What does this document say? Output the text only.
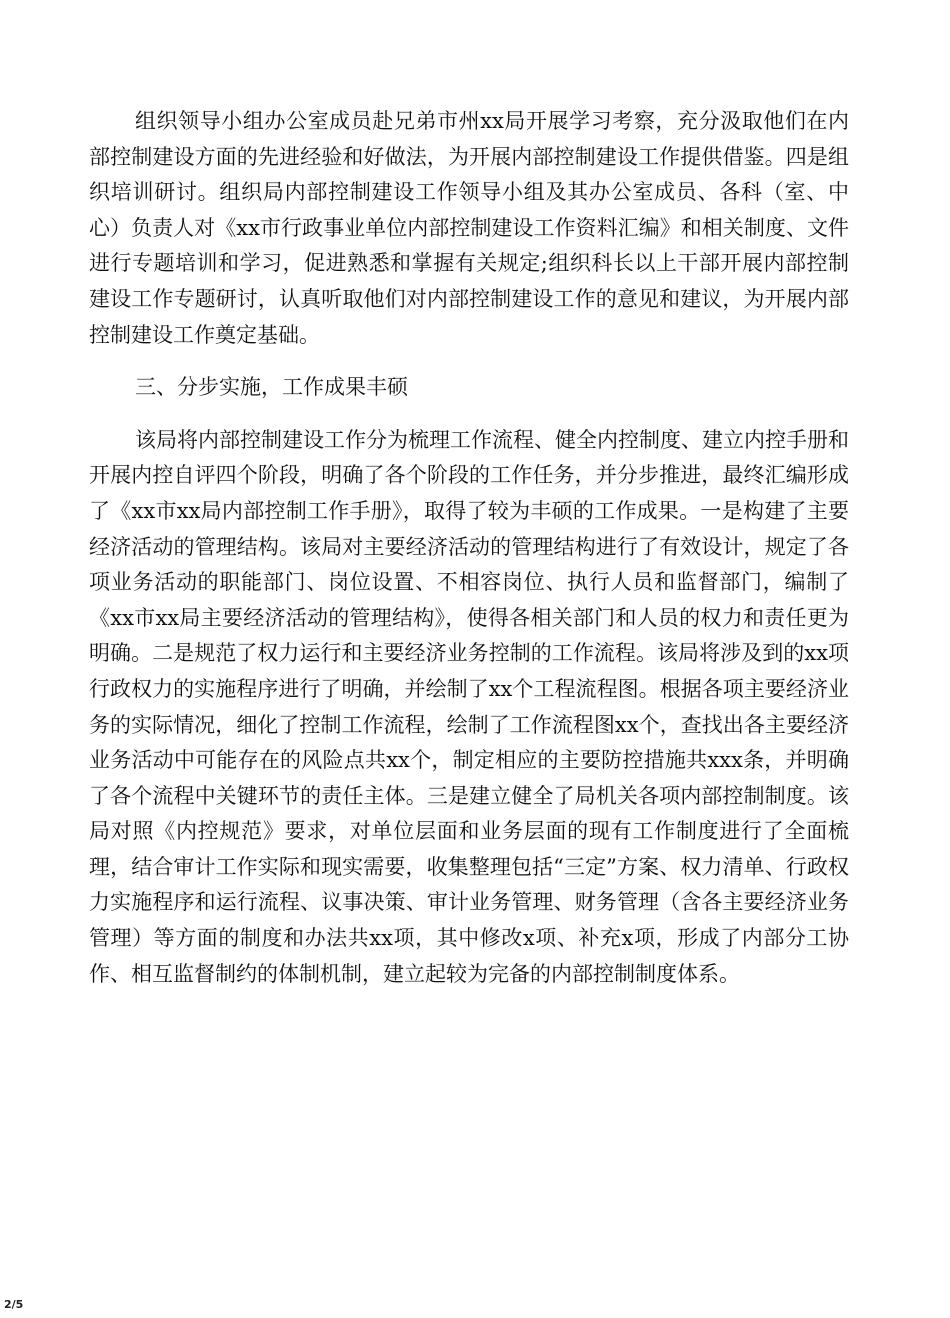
组织领导小组办公室成员赴兄弟市州xx局开展学习考察，充分汲取他们在内部控制建设方面的先进经验和好做法，为开展内部控制建设工作提供借鉴。四是组织培训研讨。组织局内部控制建设工作领导小组及其办公室成员、各科（室、中心）负责人对《xx市行政事业单位内部控制建设工作资料汇编》和相关制度、文件进行专题培训和学习，促进熟悉和掌握有关规定;组织科长以上干部开展内部控制建设工作专题研讨，认真听取他们对内部控制建设工作的意见和建议，为开展内部控制建设工作奠定基础。

三、分步实施，工作成果丰硕

该局将内部控制建设工作分为梳理工作流程、健全内控制度、建立内控手册和开展内控自评四个阶段，明确了各个阶段的工作任务，并分步推进，最终汇编形成了《xx市xx局内部控制工作手册》，取得了较为丰硕的工作成果。一是构建了主要经济活动的管理结构。该局对主要经济活动的管理结构进行了有效设计，规定了各项业务活动的职能部门、岗位设置、不相容岗位、执行人员和监督部门，编制了《xx市xx局主要经济活动的管理结构》，使得各相关部门和人员的权力和责任更为明确。二是规范了权力运行和主要经济业务控制的工作流程。该局将涉及到的xx项行政权力的实施程序进行了明确，并绘制了xx个工程流程图。根据各项主要经济业务的实际情况，细化了控制工作流程，绘制了工作流程图xx个，查找出各主要经济业务活动中可能存在的风险点共xx个，制定相应的主要防控措施共xxx条，并明确了各个流程中关键环节的责任主体。三是建立健全了局机关各项内部控制制度。该局对照《内控规范》要求，对单位层面和业务层面的现有工作制度进行了全面梳理，结合审计工作实际和现实需要，收集整理包括“三定”方案、权力清单、行政权力实施程序和运行流程、议事决策、审计业务管理、财务管理（含各主要经济业务管理）等方面的制度和办法共xx项，其中修改x项、补充x项，形成了内部分工协作、相互监督制约的体制机制，建立起较为完备的内部控制制度体系。

2/5
